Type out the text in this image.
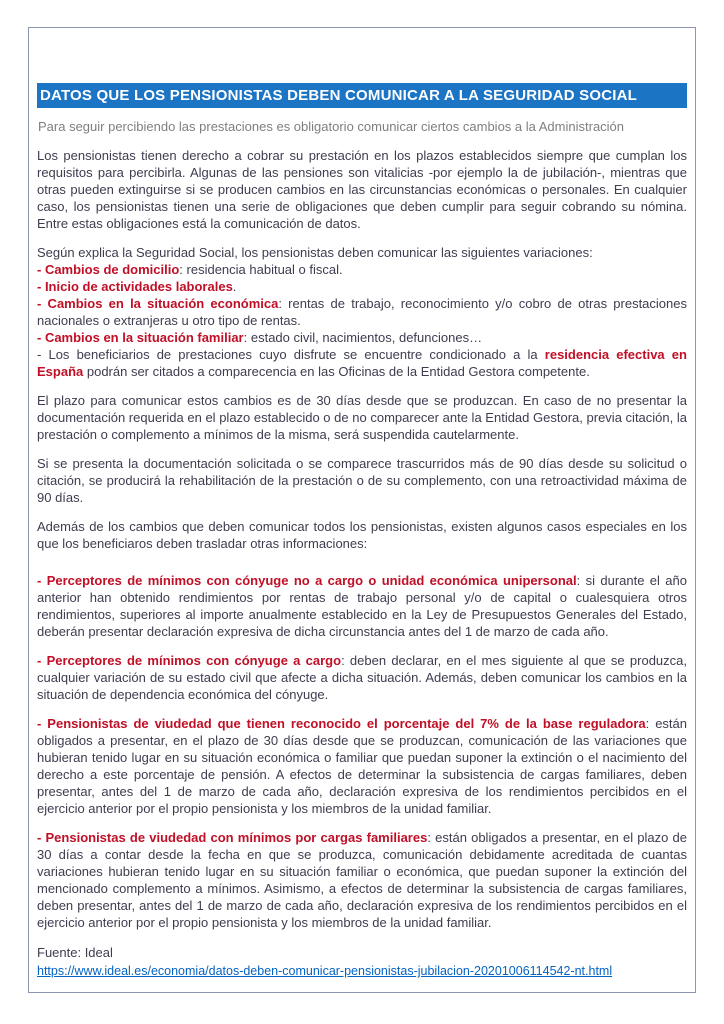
DATOS QUE LOS PENSIONISTAS DEBEN COMUNICAR A LA SEGURIDAD SOCIAL
Para seguir percibiendo las prestaciones es obligatorio comunicar ciertos cambios a la Administración

Los pensionistas tienen derecho a cobrar su prestación en los plazos establecidos siempre que cumplan los requisitos para percibirla. Algunas de las pensiones son vitalicias -por ejemplo la de jubilación-, mientras que otras pueden extinguirse si se producen cambios en las circunstancias económicas o personales. En cualquier caso, los pensionistas tienen una serie de obligaciones que deben cumplir para seguir cobrando su nómina. Entre estas obligaciones está la comunicación de datos.

Según explica la Seguridad Social, los pensionistas deben comunicar las siguientes variaciones:
- Cambios de domicilio: residencia habitual o fiscal.
- Inicio de actividades laborales.
- Cambios en la situación económica: rentas de trabajo, reconocimiento y/o cobro de otras prestaciones nacionales o extranjeras u otro tipo de rentas.
- Cambios en la situación familiar: estado civil, nacimientos, defunciones…
- Los beneficiarios de prestaciones cuyo disfrute se encuentre condicionado a la residencia efectiva en España podrán ser citados a comparecencia en las Oficinas de la Entidad Gestora competente.

El plazo para comunicar estos cambios es de 30 días desde que se produzcan. En caso de no presentar la documentación requerida en el plazo establecido o de no comparecer ante la Entidad Gestora, previa citación, la prestación o complemento a mínimos de la misma, será suspendida cautelarmente.

Si se presenta la documentación solicitada o se comparece trascurridos más de 90 días desde su solicitud o citación, se producirá la rehabilitación de la prestación o de su complemento, con una retroactividad máxima de 90 días.

Además de los cambios que deben comunicar todos los pensionistas, existen algunos casos especiales en los que los beneficiaros deben trasladar otras informaciones:

- Perceptores de mínimos con cónyuge no a cargo o unidad económica unipersonal: si durante el año anterior han obtenido rendimientos por rentas de trabajo personal y/o de capital o cualesquiera otros rendimientos, superiores al importe anualmente establecido en la Ley de Presupuestos Generales del Estado, deberán presentar declaración expresiva de dicha circunstancia antes del 1 de marzo de cada año.

- Perceptores de mínimos con cónyuge a cargo: deben declarar, en el mes siguiente al que se produzca, cualquier variación de su estado civil que afecte a dicha situación. Además, deben comunicar los cambios en la situación de dependencia económica del cónyuge.

- Pensionistas de viudedad que tienen reconocido el porcentaje del 7% de la base reguladora: están obligados a presentar, en el plazo de 30 días desde que se produzcan, comunicación de las variaciones que hubieran tenido lugar en su situación económica o familiar que puedan suponer la extinción o el nacimiento del derecho a este porcentaje de pensión. A efectos de determinar la subsistencia de cargas familiares, deben presentar, antes del 1 de marzo de cada año, declaración expresiva de los rendimientos percibidos en el ejercicio anterior por el propio pensionista y los miembros de la unidad familiar.

- Pensionistas de viudedad con mínimos por cargas familiares: están obligados a presentar, en el plazo de 30 días a contar desde la fecha en que se produzca, comunicación debidamente acreditada de cuantas variaciones hubieran tenido lugar en su situación familiar o económica, que puedan suponer la extinción del mencionado complemento a mínimos. Asimismo, a efectos de determinar la subsistencia de cargas familiares, deben presentar, antes del 1 de marzo de cada año, declaración expresiva de los rendimientos percibidos en el ejercicio anterior por el propio pensionista y los miembros de la unidad familiar.

Fuente: Ideal
https://www.ideal.es/economia/datos-deben-comunicar-pensionistas-jubilacion-20201006114542-nt.html
